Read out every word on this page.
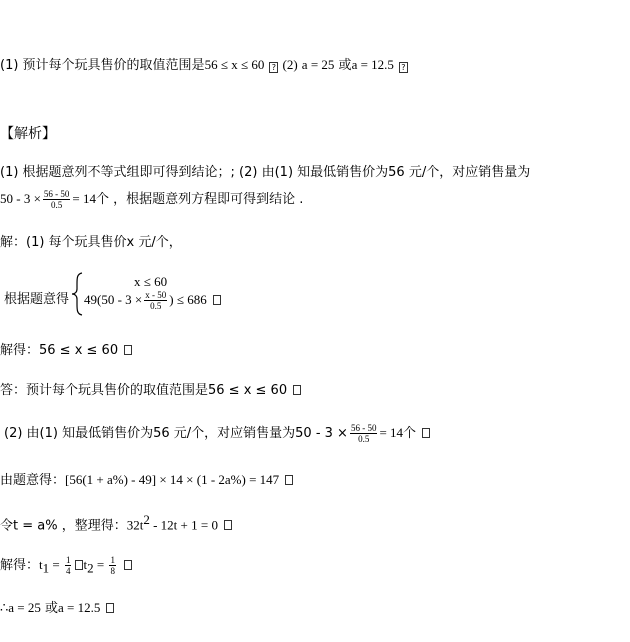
(1) 预计每个玩具售价的取值范围是56 ≤ x ≤ 60 ? (2) a = 25 或a = 12.5 ?
【解析】
(1) 根据题意列不等式组即可得到结论；; (2) 由(1) 知最低销售价为56 元/个，对应销售量为
$50 - 3 \times \frac{56 - 50}{0.5} = 14$个 ，根据题意列方程即可得到结论 .
解：(1) 每个玩具售价x 元/个，
根据题意得
x ≤ 60
$49(50 - 3 \times \frac{x - 50}{0.5}$ ) ≤ 686
解得：56 ≤ x ≤ 60
答：预计每个玩具售价的取值范围是56 ≤ x ≤ 60
(2) 由(1) 知最低销售价为56 元/个，对应销售量为$50 - 3 \times \frac{56 - 50}{0.5} = 14$个
由题意得：[56(1 + a%) - 49] × 14 × (1 - 2a%) = 147
令t = a% ，整理得：$32t^2 - 12t + 1 = 0$
解得：$t_1 = \frac{1}{4} t_2 = \frac{1}{8}$
∴a = 25 或a = 12.5
